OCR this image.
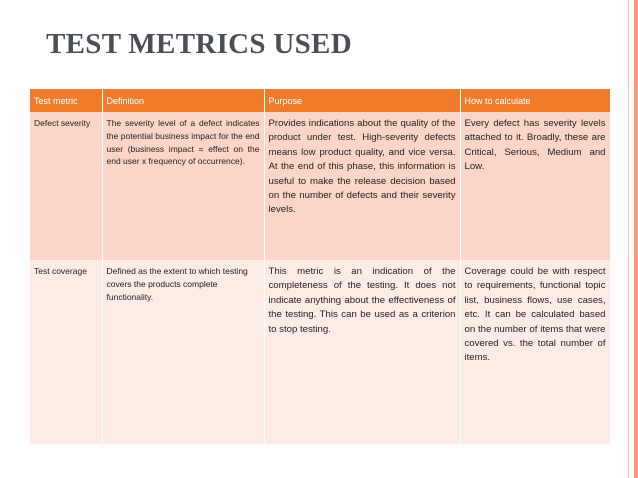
TEST METRICS USED
Test metric	Definition	Purpose	How to calculate
Defect severity	The severity level of a defect indicates the potential business impact for the end user (business impact = effect on the end user x frequency of occurrence).	Provides indications about the quality of the product under test. High-severity defects means low product quality, and vice versa. At the end of this phase, this information is useful to make the release decision based on the number of defects and their severity levels.	Every defect has severity levels attached to it. Broadly, these are Critical, Serious, Medium and Low.
Test coverage	Defined as the extent to which testing covers the products complete functionality.	This metric is an indication of the completeness of the testing. It does not indicate anything about the effectiveness of the testing. This can be used as a criterion to stop testing.	Coverage could be with respect to requirements, functional topic list, business flows, use cases, etc. It can be calculated based on the number of items that were covered vs. the total number of items.
